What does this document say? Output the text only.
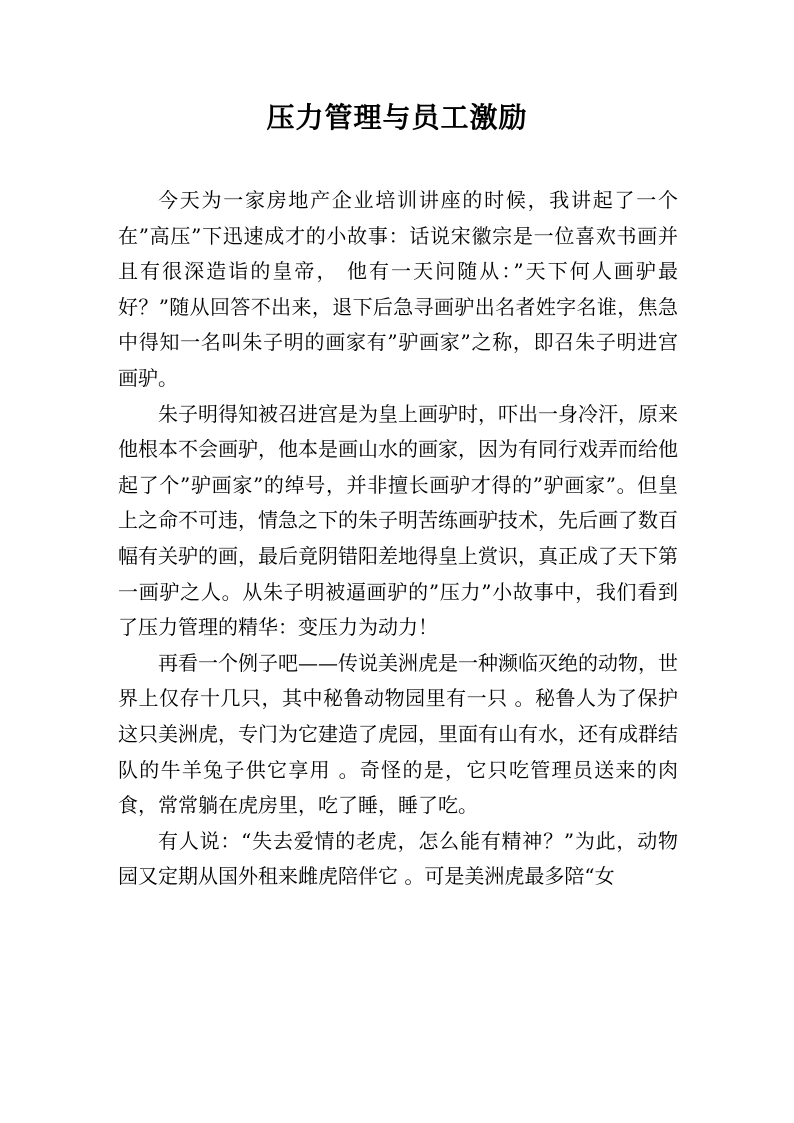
压力管理与员工激励

今天为一家房地产企业培训讲座的时候，我讲起了一个在”高压”下迅速成才的小故事：话说宋徽宗是一位喜欢书画并且有很深造诣的皇帝， 他有一天问随从：”天下何人画驴最好？”随从回答不出来，退下后急寻画驴出名者姓字名谁，焦急中得知一名叫朱子明的画家有”驴画家”之称，即召朱子明进宫画驴。

朱子明得知被召进宫是为皇上画驴时，吓出一身冷汗，原来他根本不会画驴，他本是画山水的画家，因为有同行戏弄而给他起了个”驴画家”的绰号，并非擅长画驴才得的”驴画家”。但皇上之命不可违，情急之下的朱子明苦练画驴技术，先后画了数百幅有关驴的画，最后竟阴错阳差地得皇上赏识，真正成了天下第一画驴之人。从朱子明被逼画驴的”压力”小故事中，我们看到了压力管理的精华：变压力为动力！

再看一个例子吧——传说美洲虎是一种濒临灭绝的动物，世界上仅存十几只，其中秘鲁动物园里有一只 。秘鲁人为了保护这只美洲虎，专门为它建造了虎园，里面有山有水，还有成群结队的牛羊兔子供它享用 。奇怪的是，它只吃管理员送来的肉食，常常躺在虎房里，吃了睡，睡了吃。

有人说：“失去爱情的老虎，怎么能有精神？”为此，动物园又定期从国外租来雌虎陪伴它 。可是美洲虎最多陪“女
